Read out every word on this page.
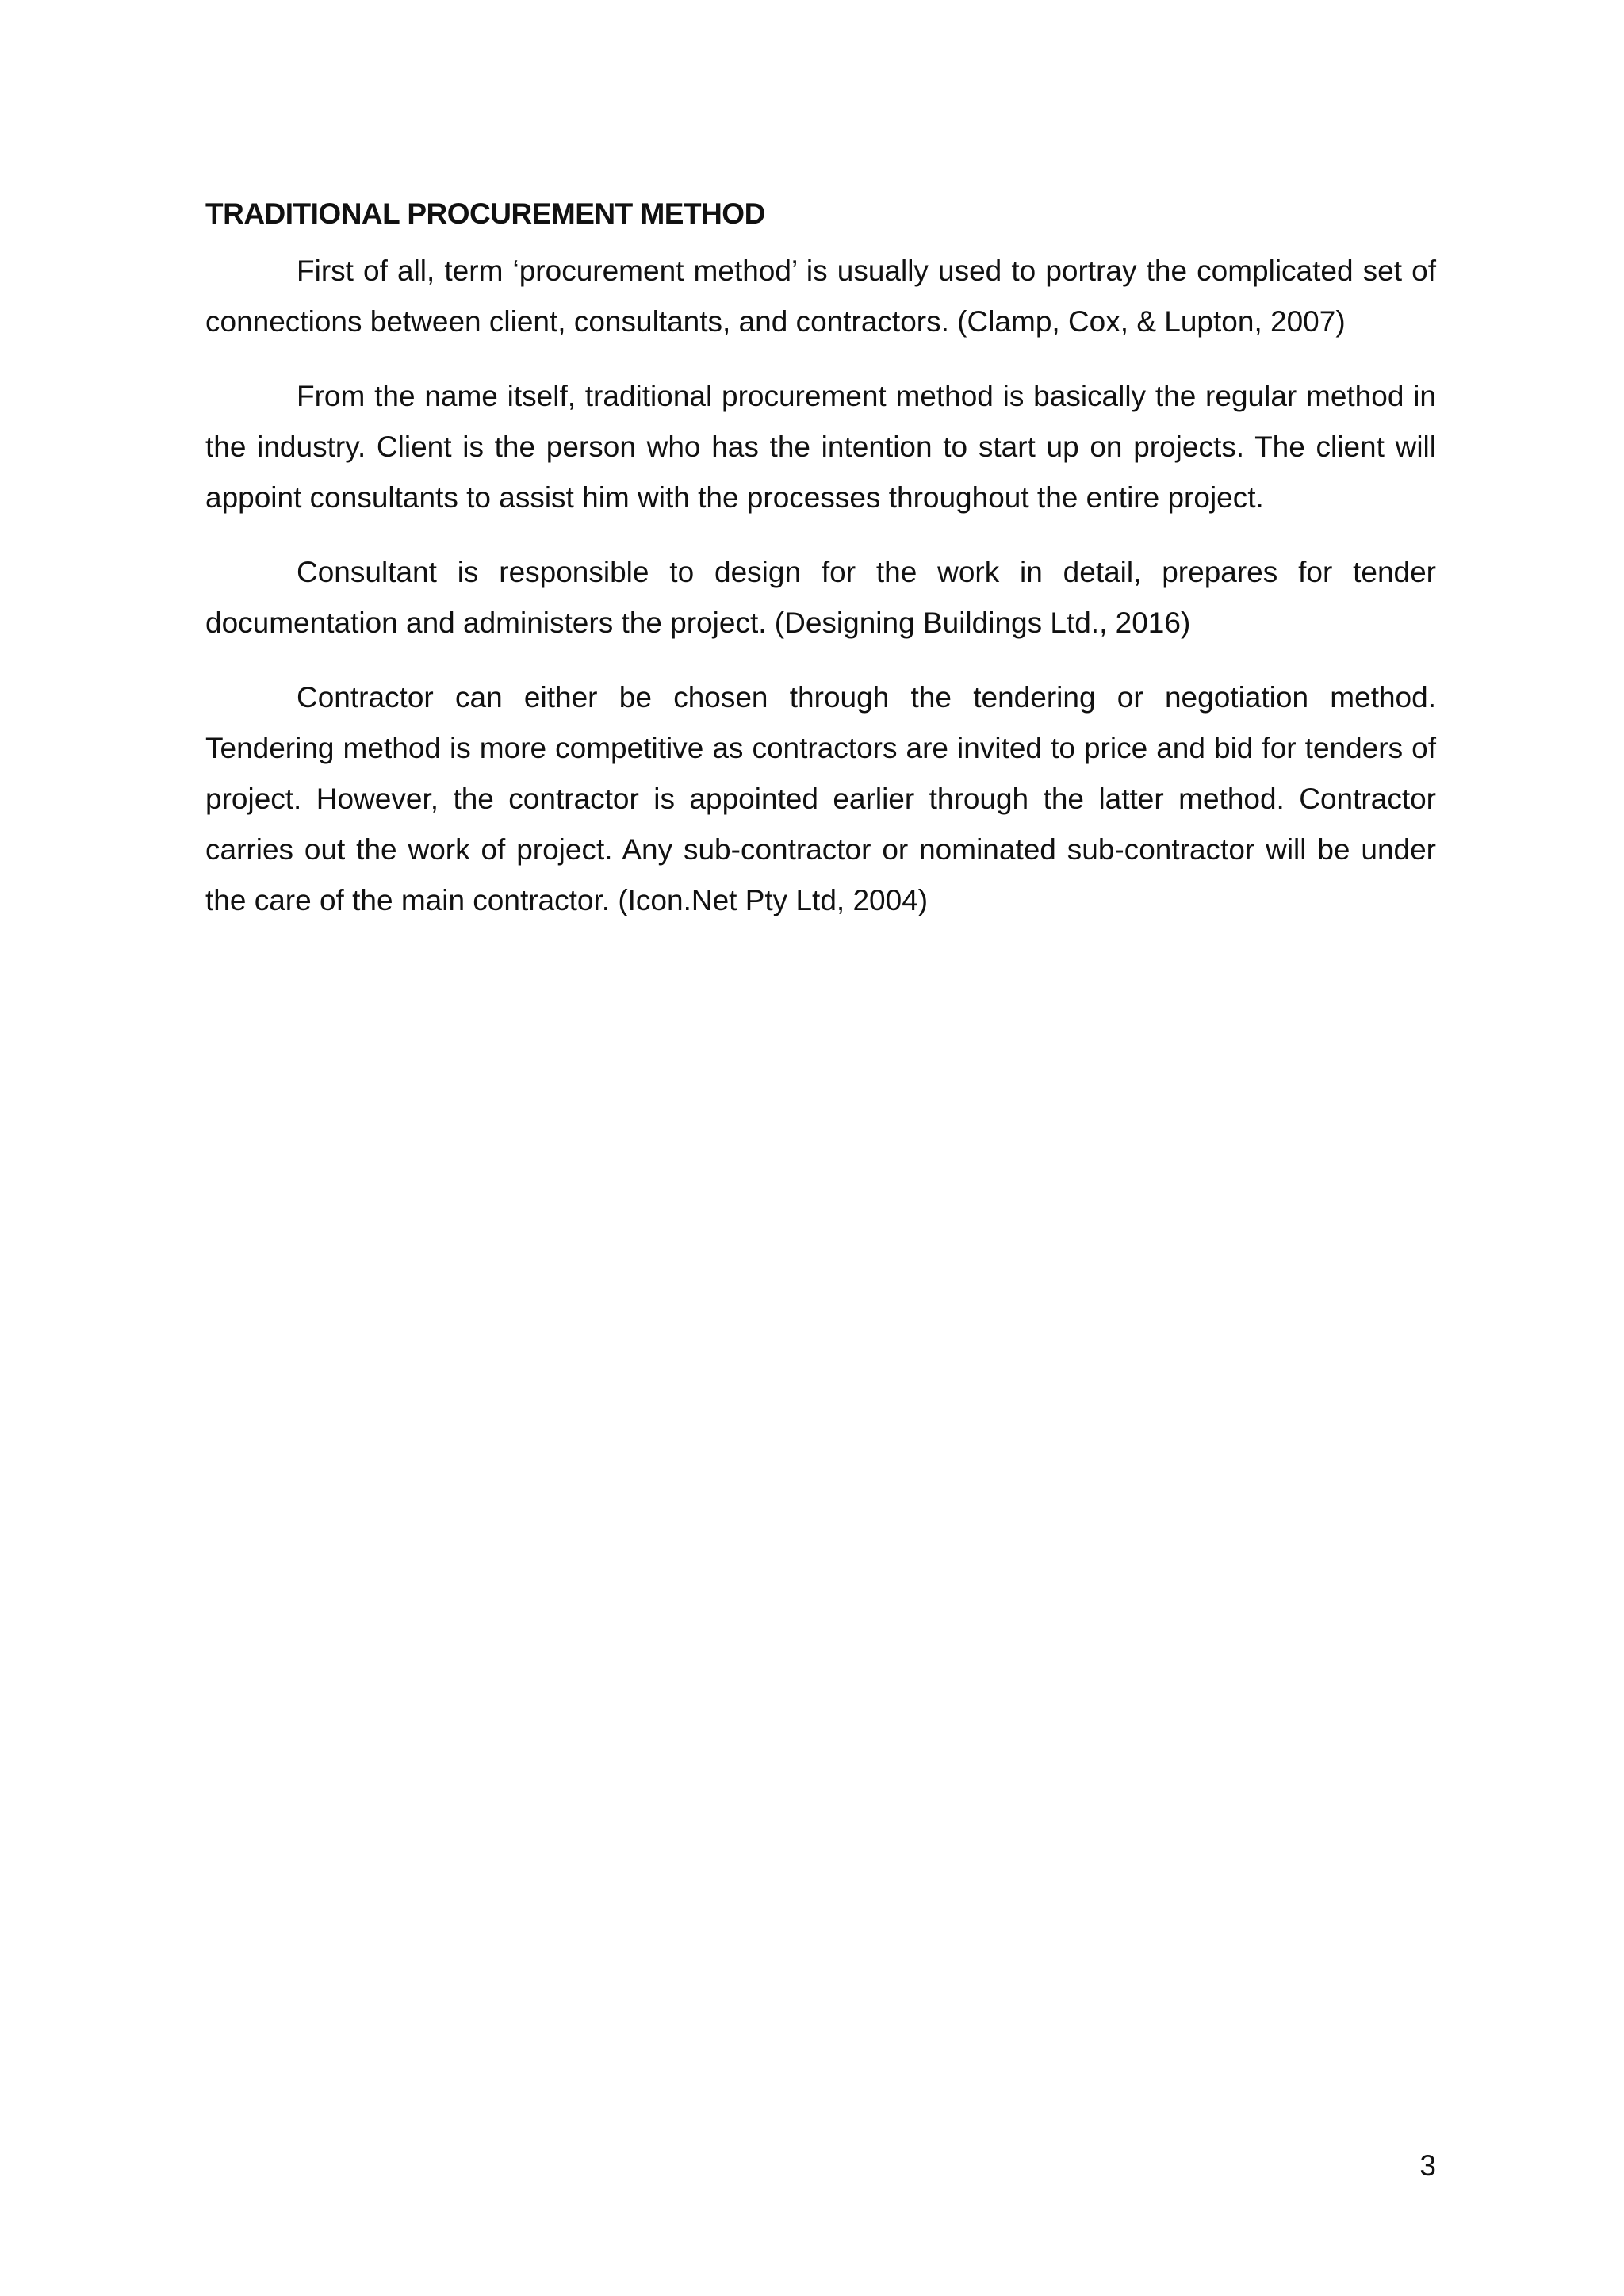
TRADITIONAL PROCUREMENT METHOD

First of all, term ‘procurement method’ is usually used to portray the complicated set of connections between client, consultants, and contractors. (Clamp, Cox, & Lupton, 2007)

From the name itself, traditional procurement method is basically the regular method in the industry. Client is the person who has the intention to start up on projects. The client will appoint consultants to assist him with the processes throughout the entire project.

Consultant is responsible to design for the work in detail, prepares for tender documentation and administers the project. (Designing Buildings Ltd., 2016)

Contractor can either be chosen through the tendering or negotiation method. Tendering method is more competitive as contractors are invited to price and bid for tenders of project. However, the contractor is appointed earlier through the latter method. Contractor carries out the work of project. Any sub-contractor or nominated sub-contractor will be under the care of the main contractor. (Icon.Net Pty Ltd, 2004)

3
